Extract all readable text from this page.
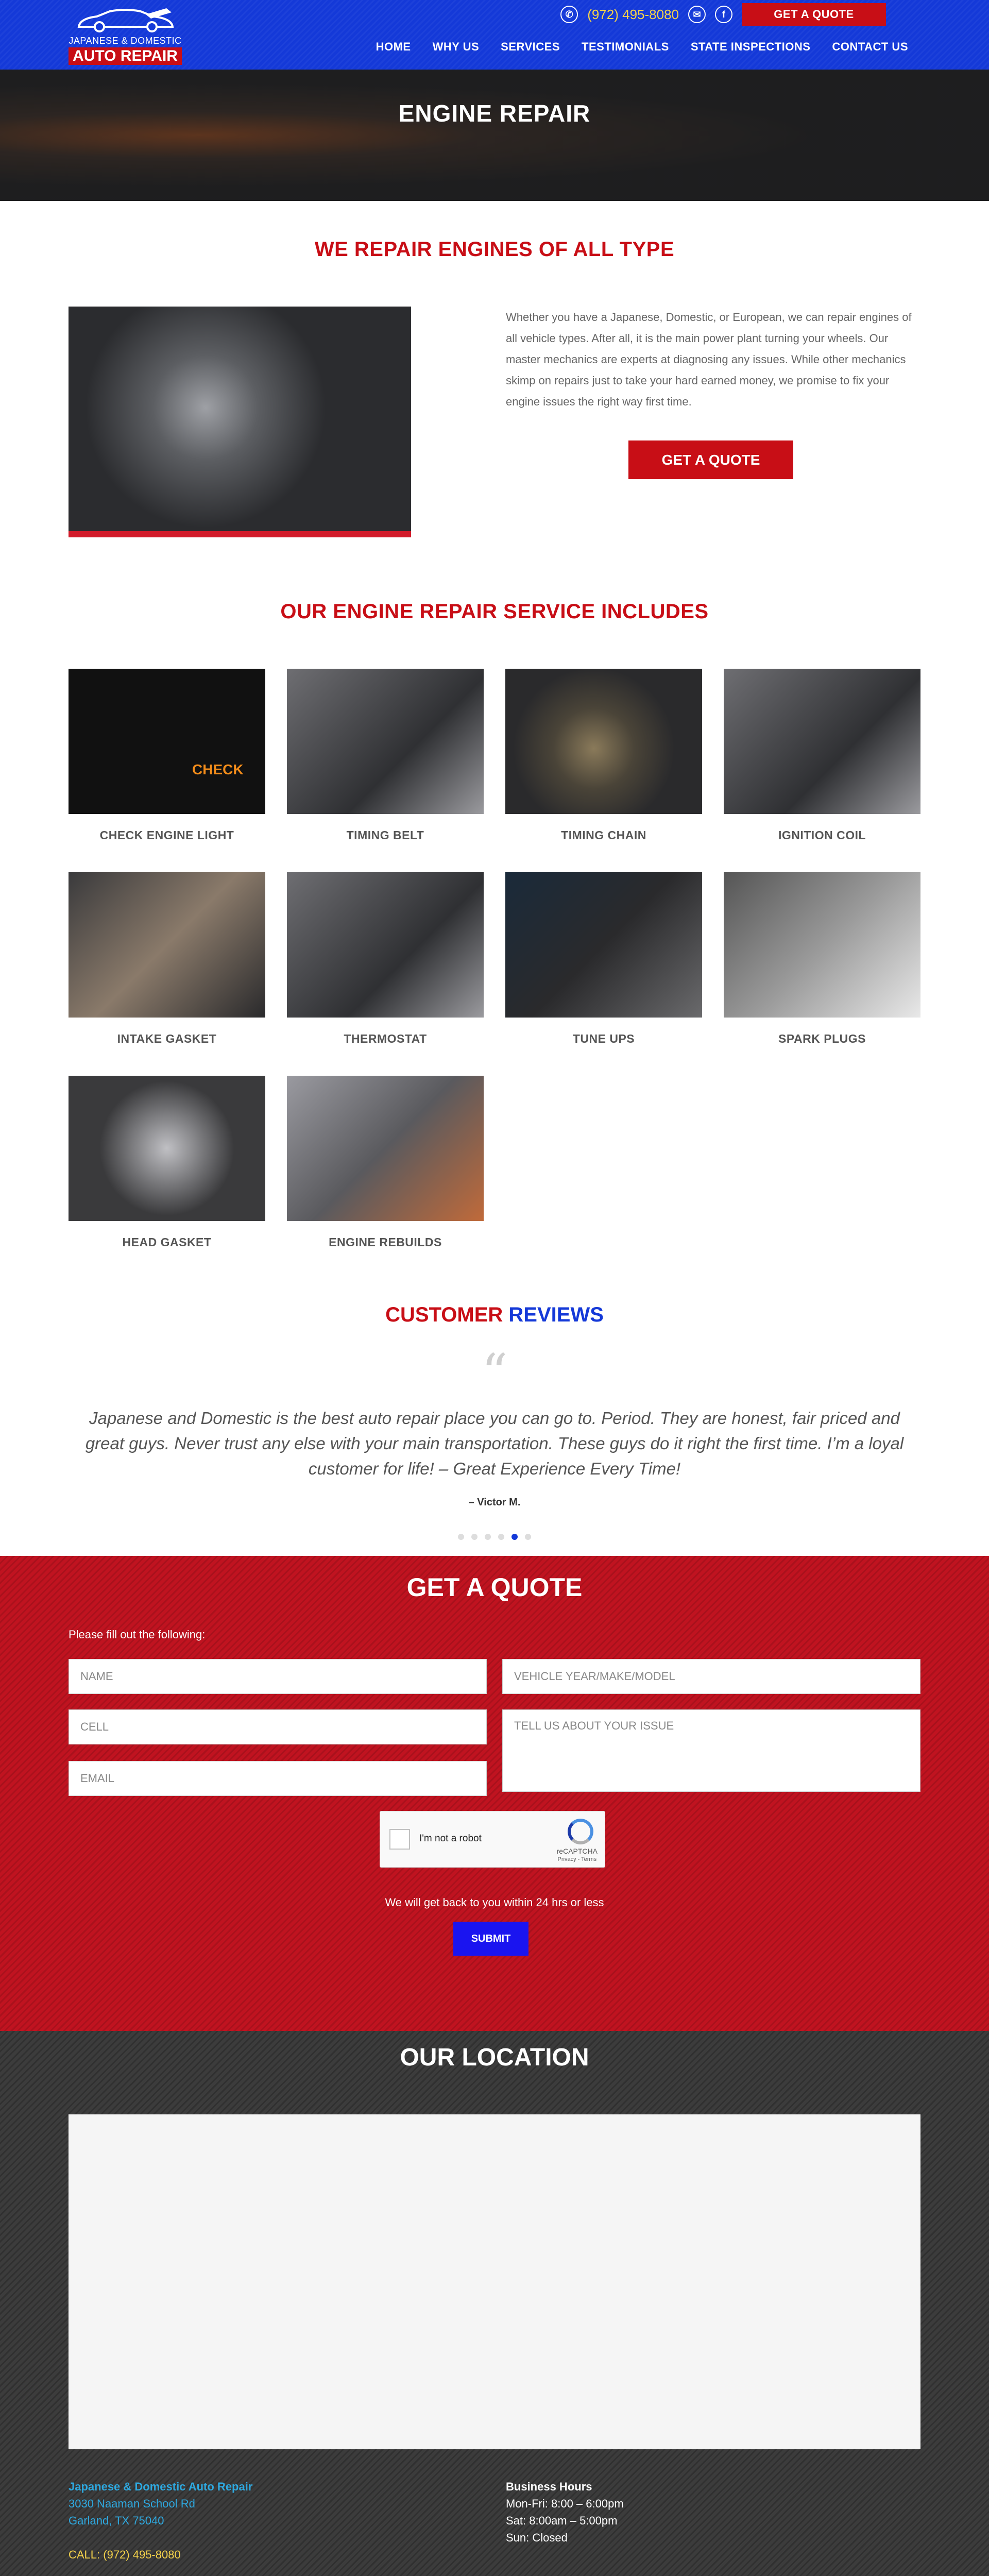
JAPANESE & DOMESTIC
AUTO REPAIR
✆	(972) 495-8080	✉	f	GET A QUOTE
HOME WHY US SERVICES TESTIMONIALS STATE INSPECTIONS CONTACT US
ENGINE REPAIR
WE REPAIR ENGINES OF ALL TYPE
Whether you have a Japanese, Domestic, or European, we can repair engines of all vehicle types. After all, it is the main power plant turning your wheels. Our master mechanics are experts at diagnosing any issues. While other mechanics skimp on repairs just to take your hard earned money, we promise to fix your engine issues the right way first time.
GET A QUOTE
OUR ENGINE REPAIR SERVICE INCLUDES
CHECK
CHECK ENGINE LIGHT	TIMING BELT	TIMING CHAIN	IGNITION COIL
INTAKE GASKET	THERMOSTAT	TUNE UPS	SPARK PLUGS
HEAD GASKET	ENGINE REBUILDS
CUSTOMER REVIEWS
“
Japanese and Domestic is the best auto repair place you can go to. Period. They are honest, fair priced and great guys. Never trust any else with your main transportation. These guys do it right the first time. I’m a loyal customer for life! – Great Experience Every Time!
– Victor M.
GET A QUOTE
Please fill out the following:
NAME
CELL
EMAIL
VEHICLE YEAR/MAKE/MODEL
TELL US ABOUT YOUR ISSUE
I'm not a robot
reCAPTCHA
Privacy - Terms
We will get back to you within 24 hrs or less
SUBMIT
OUR LOCATION
Japanese & Domestic Auto Repair
3030 Naaman School Rd
Garland, TX 75040
CALL: (972) 495-8080
Business Hours
Mon-Fri: 8:00 – 6:00pm
Sat: 8:00am – 5:00pm
Sun: Closed
